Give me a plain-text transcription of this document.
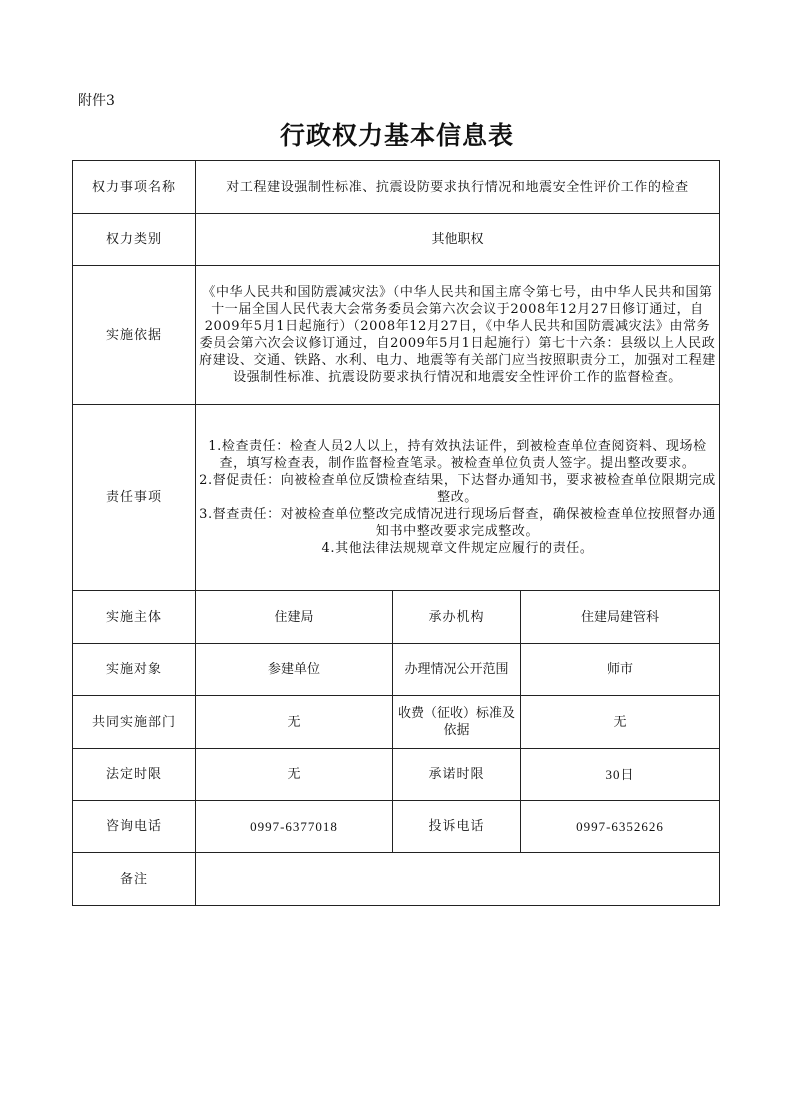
附件3
行政权力基本信息表
权力事项名称	对工程建设强制性标准、抗震设防要求执行情况和地震安全性评价工作的检查		
权力类别	其他职权		
实施依据	《中华人民共和国防震减灾法》（中华人民共和国主席令第七号，由中华人民共和国第十一届全国人民代表大会常务委员会第六次会议于2008年12月27日修订通过，自2009年5月1日起施行）（2008年12月27日，《中华人民共和国防震减灾法》由常务委员会第六次会议修订通过，自2009年5月1日起施行）第七十六条：县级以上人民政府建设、交通、铁路、水利、电力、地震等有关部门应当按照职责分工，加强对工程建设强制性标准、抗震设防要求执行情况和地震安全性评价工作的监督检查。		
责任事项	1.检查责任：检查人员2人以上，持有效执法证件，到被检查单位查阅资料、现场检查，填写检查表，制作监督检查笔录。被检查单位负责人签字。提出整改要求。

2.督促责任：向被检查单位反馈检查结果，下达督办通知书，要求被检查单位限期完成整改。

3.督查责任：对被检查单位整改完成情况进行现场后督查，确保被检查单位按照督办通知书中整改要求完成整改。

4.其他法律法规规章文件规定应履行的责任。		

实施主体	住建局	承办机构	住建局建管科
实施对象	参建单位	办理情况公开范围	师市
共同实施部门	无	收费（征收）标准及依据	无
法定时限	无	承诺时限	30日
咨询电话	0997-6377018	投诉电话	0997-6352626
备注			
